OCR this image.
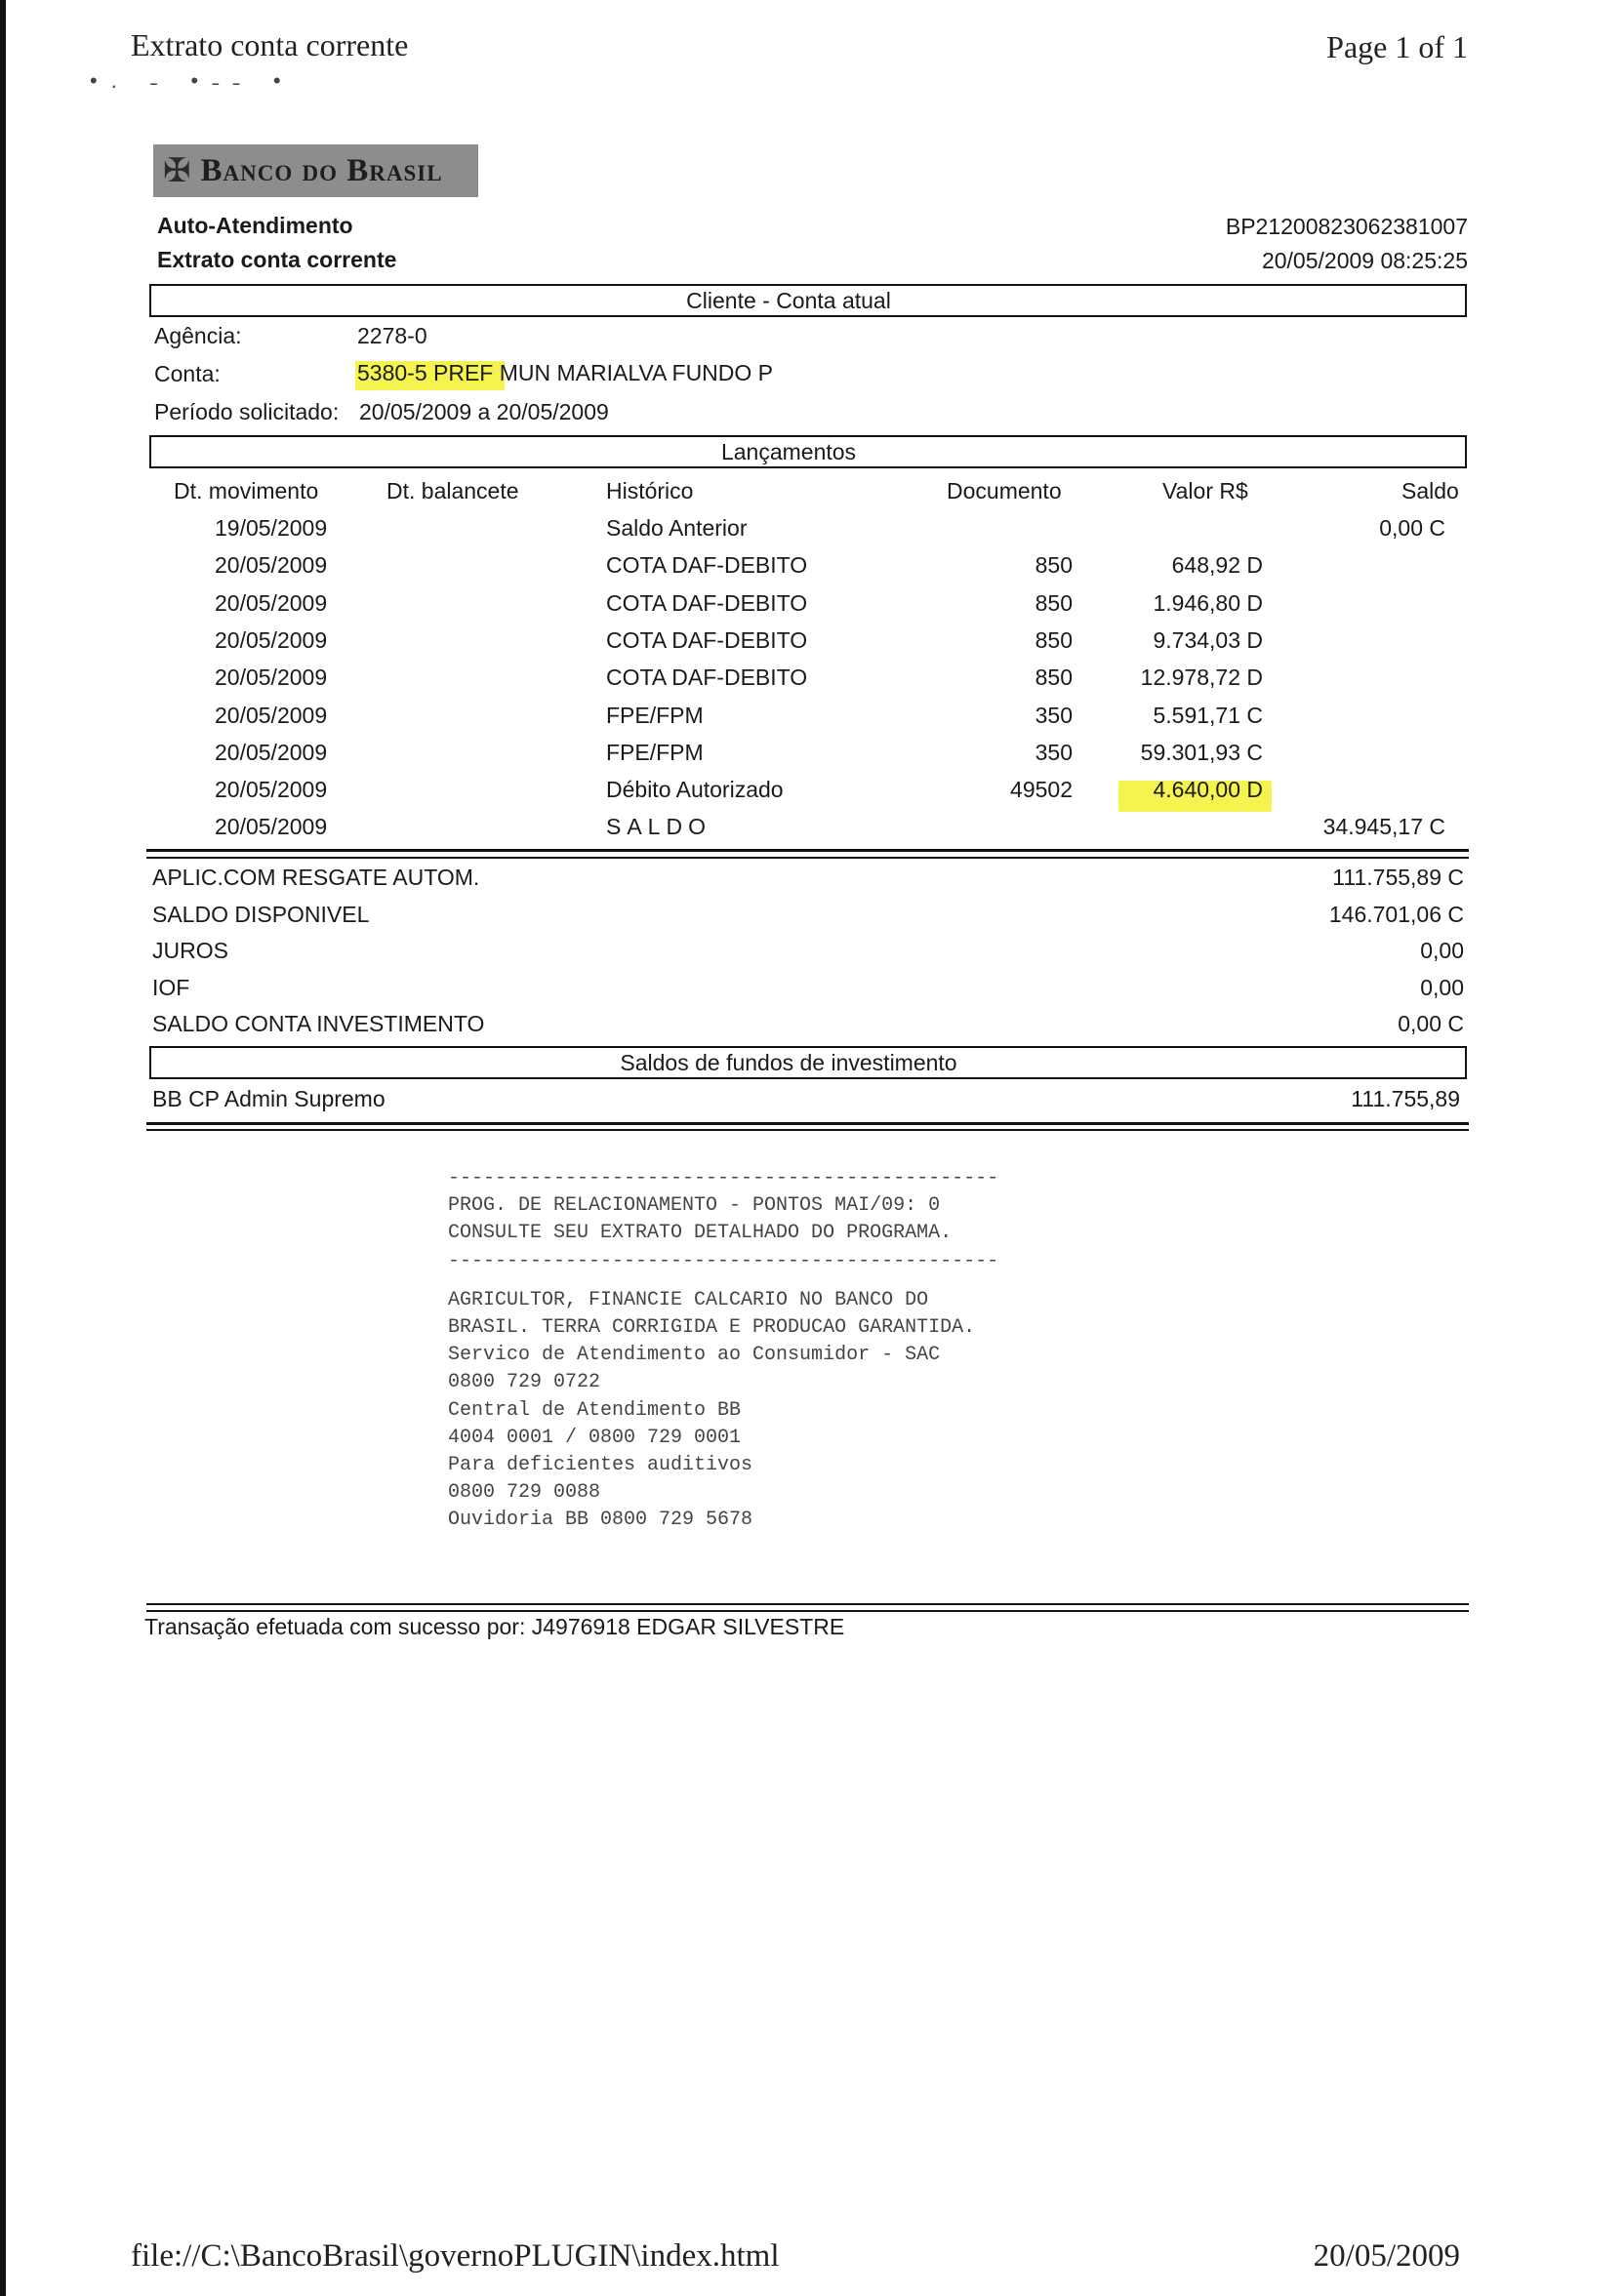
Extrato conta corrente	Page 1 of 1
•. ˗ •˗˗ •
✠ Banco do Brasil
Auto-Atendimento
Extrato conta corrente
BP21200823062381007
20/05/2009 08:25:25
Cliente - Conta atual
Agência:	2278-0
Conta:	5380-5 PREF MUN MARIALVA FUNDO P
Período solicitado: 20/05/2009 a 20/05/2009
Lançamentos
Dt. movimento	Dt. balancete	Histórico	Documento	Valor R$	Saldo
19/05/2009	Saldo Anterior	0,00 C
20/05/2009	COTA DAF-DEBITO	850	648,92 D
20/05/2009	COTA DAF-DEBITO	850	1.946,80 D
20/05/2009	COTA DAF-DEBITO	850	9.734,03 D
20/05/2009	COTA DAF-DEBITO	850	12.978,72 D
20/05/2009	FPE/FPM	350	5.591,71 C
20/05/2009	FPE/FPM	350	59.301,93 C
20/05/2009	Débito Autorizado	49502	4.640,00 D
20/05/2009	SALDO	34.945,17 C
APLIC.COM RESGATE AUTOM.	111.755,89 C
SALDO DISPONIVEL	146.701,06 C
JUROS	0,00
IOF	0,00
SALDO CONTA INVESTIMENTO	0,00 C
Saldos de fundos de investimento
BB CP Admin Supremo	111.755,89
-----------------------------------------------
PROG. DE RELACIONAMENTO - PONTOS MAI/09: 0
CONSULTE SEU EXTRATO DETALHADO DO PROGRAMA.
-----------------------------------------------
AGRICULTOR, FINANCIE CALCARIO NO BANCO DO
BRASIL. TERRA CORRIGIDA E PRODUCAO GARANTIDA.
Servico de Atendimento ao Consumidor - SAC
0800 729 0722
Central de Atendimento BB
4004 0001 / 0800 729 0001
Para deficientes auditivos
0800 729 0088
Ouvidoria BB 0800 729 5678
Transação efetuada com sucesso por: J4976918 EDGAR SILVESTRE
file://C:\BancoBrasil\governoPLUGIN\index.html	20/05/2009
